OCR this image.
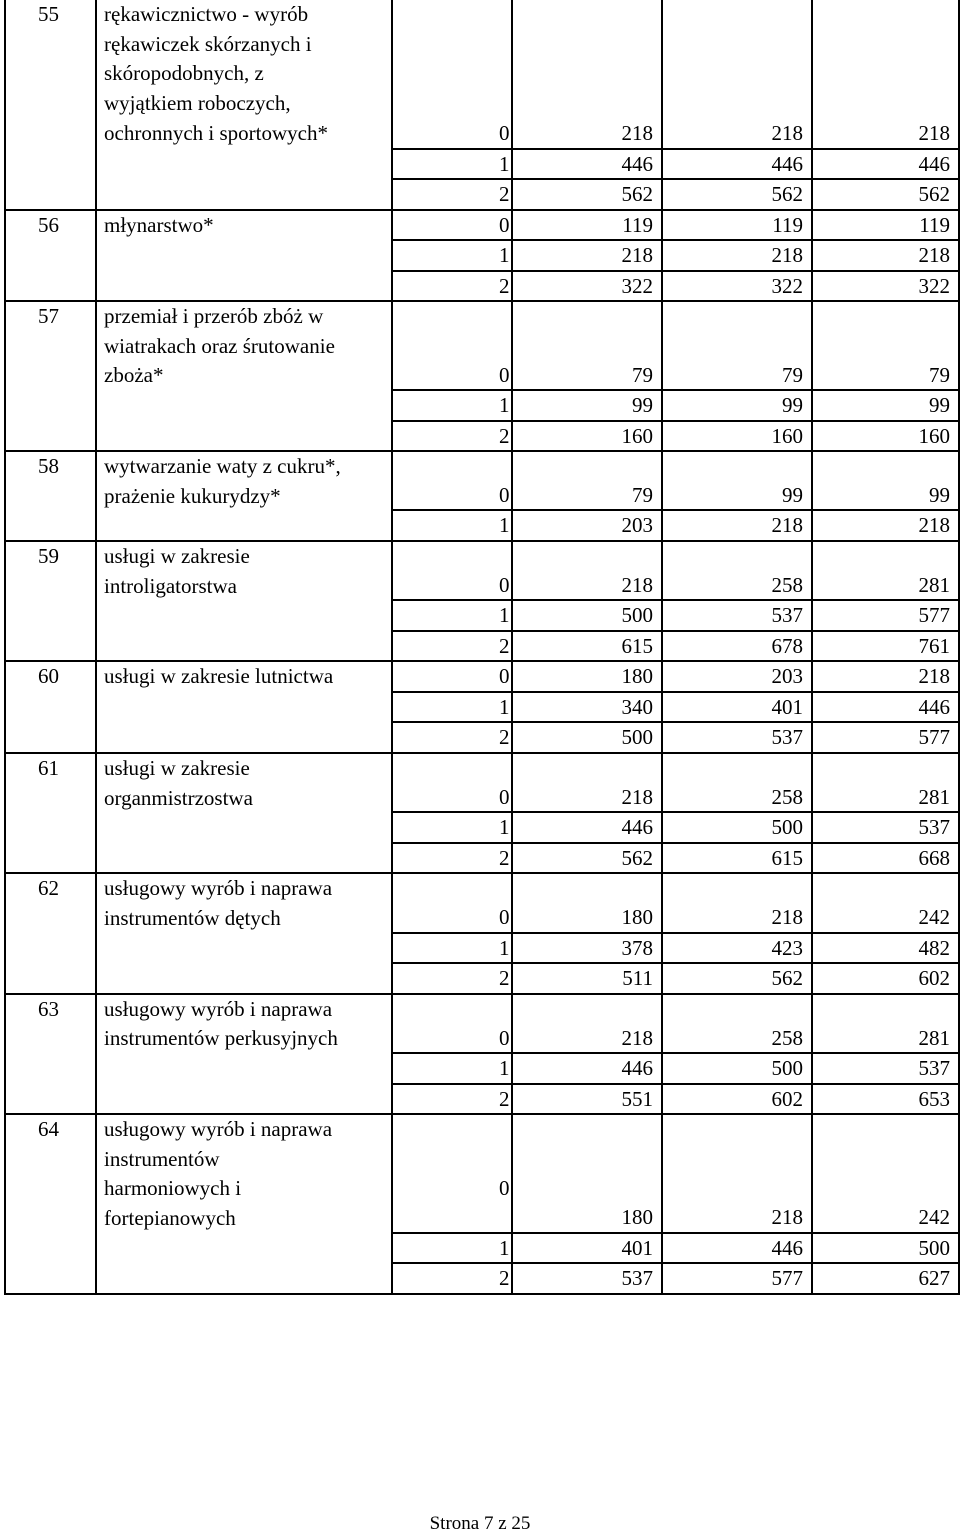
55	rękawicznictwo - wyrób
rękawiczek skórzanych i
skóropodobnych, z
wyjątkiem roboczych,
ochronnych i sportowych*	0	218	218	218

		1	446	446	446

		2	562	562	562

56	młynarstwo*	0	119	119	119

		1	218	218	218

		2	322	322	322

57	przemiał i przerób zbóż w
wiatrakach oraz śrutowanie
zboża*	0	79	79	79

		1	99	99	99

		2	160	160	160

58	wytwarzanie waty z cukru*,
prażenie kukurydzy*	0	79	99	99

		1	203	218	218

59	usługi w zakresie
introligatorstwa	0	218	258	281

		1	500	537	577

		2	615	678	761

60	usługi w zakresie lutnictwa	0	180	203	218

		1	340	401	446

		2	500	537	577

61	usługi w zakresie
organmistrzostwa	0	218	258	281

		1	446	500	537

		2	562	615	668

62	usługowy wyrób i naprawa
instrumentów dętych	0	180	218	242

		1	378	423	482

		2	511	562	602

63	usługowy wyrób i naprawa
instrumentów perkusyjnych	0	218	258	281

		1	446	500	537

		2	551	602	653

64	usługowy wyrób i naprawa
instrumentów
harmoniowych i
fortepianowych	0	180	218	242

		1	401	446	500

		2	537	577	627
Strona 7 z 25
